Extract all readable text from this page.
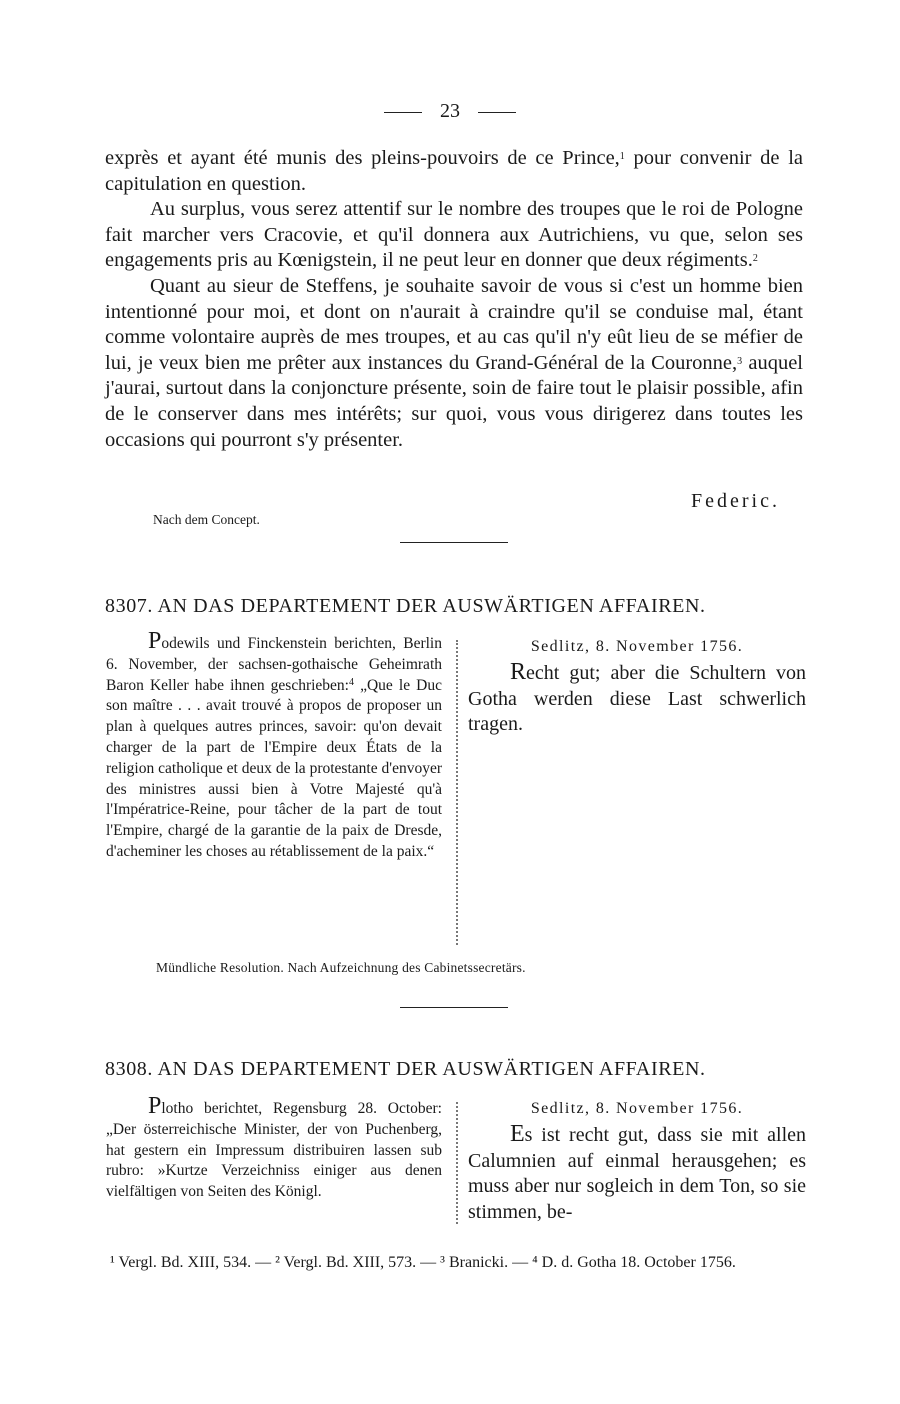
23

exprès et ayant été munis des pleins-pouvoirs de ce Prince,$^1$ pour convenir de la capitulation en question.

Au surplus, vous serez attentif sur le nombre des troupes que le roi de Pologne fait marcher vers Cracovie, et qu'il donnera aux Autrichiens, vu que, selon ses engagements pris au Kœnigstein, il ne peut leur en donner que deux régiments.$^2$

Quant au sieur de Steffens, je souhaite savoir de vous si c'est un homme bien intentionné pour moi, et dont on n'aurait à craindre qu'il se conduise mal, étant comme volontaire auprès de mes troupes, et au cas qu'il n'y eût lieu de se méfier de lui, je veux bien me prêter aux instances du Grand-Général de la Couronne,$^3$ auquel j'aurai, surtout dans la conjoncture présente, soin de faire tout le plaisir possible, afin de le conserver dans mes intérêts; sur quoi, vous vous dirigerez dans toutes les occasions qui pourront s'y présenter.

Federic.
Nach dem Concept.
8307. AN DAS DEPARTEMENT DER AUSWÄRTIGEN AFFAIREN.

Podewils und Finckenstein berichten, Berlin 6. November, der sachsen-gothaische Geheimrath Baron Keller habe ihnen geschrieben:$^4$ „Que le Duc son maître . . . avait trouvé à propos de proposer un plan à quelques autres princes, savoir: qu'on devait charger de la part de l'Empire deux États de la religion catholique et deux de la protestante d'envoyer des ministres aussi bien à Votre Majesté qu'à l'Impératrice-Reine, pour tâcher de la part de tout l'Empire, chargé de la garantie de la paix de Dresde, d'acheminer les choses au rétablissement de la paix.“

Sedlitz, 8. November 1756.

Recht gut; aber die Schultern von Gotha werden diese Last schwerlich tragen.

Mündliche Resolution. Nach Aufzeichnung des Cabinetssecretärs.
8308. AN DAS DEPARTEMENT DER AUSWÄRTIGEN AFFAIREN.

Plotho berichtet, Regensburg 28. October: „Der österreichische Minister, der von Puchenberg, hat gestern ein Impressum distribuiren lassen sub rubro: »Kurtze Verzeichniss einiger aus denen vielfältigen von Seiten des Königl.

Sedlitz, 8. November 1756.

Es ist recht gut, dass sie mit allen Calumnien auf einmal herausgehen; es muss aber nur sogleich in dem Ton, so sie stimmen, be-

¹ Vergl. Bd. XIII, 534. — ² Vergl. Bd. XIII, 573. — ³ Branicki. — ⁴ D. d. Gotha 18. October 1756.
